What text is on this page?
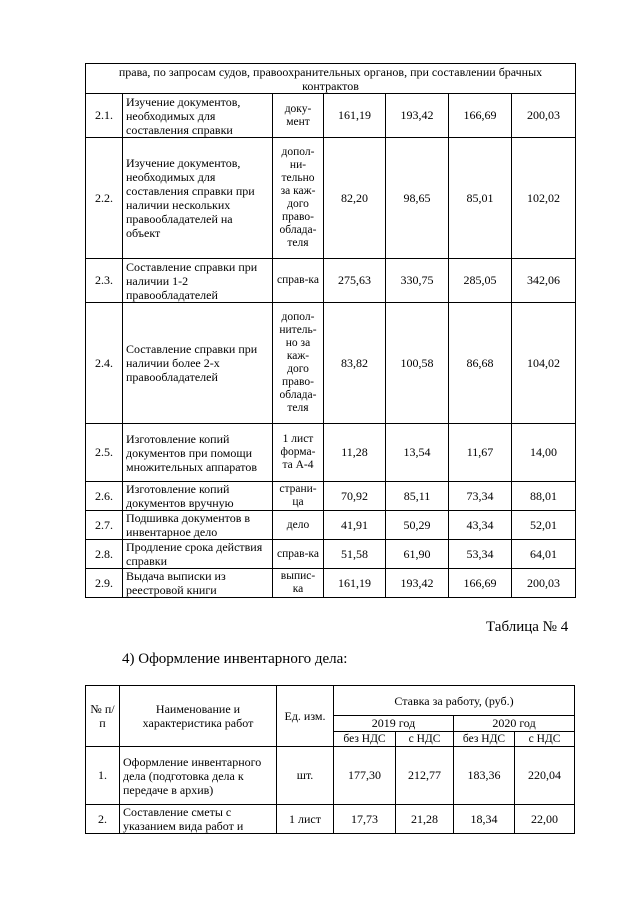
права, по запросам судов, правоохранительных органов, при составлении брачных контрактов						
2.1.	Изучение документов, необходимых для составления справки	доку-мент	161,19	193,42	166,69	200,03
2.2.	Изучение документов, необходимых для составления справки при наличии нескольких правообладателей на объект	допол-ни-тельно за каж-дого право-облада-теля	82,20	98,65	85,01	102,02
2.3.	Составление справки при наличии 1-2 правообладателей	справ-ка	275,63	330,75	285,05	342,06
2.4.	Составление справки при наличии более 2-х правообладателей	допол-нитель-но за каж-дого право-облада-теля	83,82	100,58	86,68	104,02
2.5.	Изготовление копий документов при помощи множительных аппаратов	1 лист форма-та А-4	11,28	13,54	11,67	14,00
2.6.	Изготовление копий документов вручную	страни-ца	70,92	85,11	73,34	88,01
2.7.	Подшивка документов в инвентарное дело	дело	41,91	50,29	43,34	52,01
2.8.	Продление срока действия справки	справ-ка	51,58	61,90	53,34	64,01
2.9.	Выдача выписки из реестровой книги	выпис-ка	161,19	193,42	166,69	200,03
Таблица № 4
4) Оформление инвентарного дела:
№ п/п	Наименование и характеристика работ	Ед. изм.	Ставка за работу, (руб.)			
			2019 год		2020 год	
			без НДС	с НДС	без НДС	с НДС
1.	Оформление инвентарного дела (подготовка дела к передаче в архив)	шт.	177,30	212,77	183,36	220,04
2.	Составление сметы с указанием вида работ и	1 лист	17,73	21,28	18,34	22,00
